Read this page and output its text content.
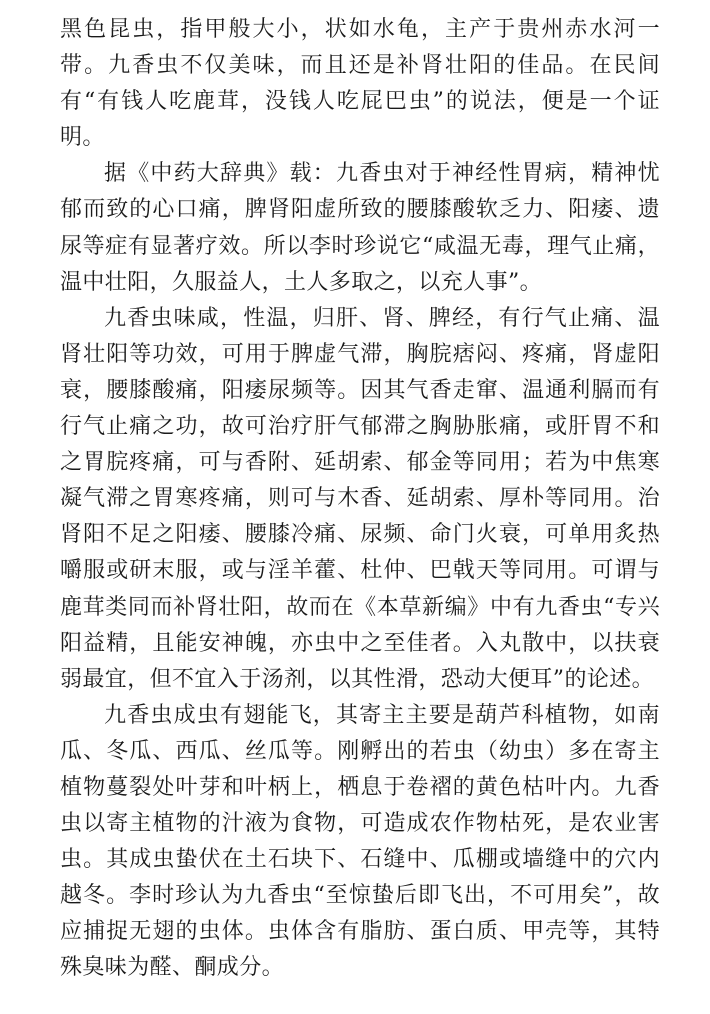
黑色昆虫，指甲般大小，状如水龟，主产于贵州赤水河一带。九香虫不仅美味，而且还是补肾壮阳的佳品。在民间有“有钱人吃鹿茸，没钱人吃屁巴虫”的说法，便是一个证明。

据《中药大辞典》载：九香虫对于神经性胃病，精神忧郁而致的心口痛，脾肾阳虚所致的腰膝酸软乏力、阳痿、遗尿等症有显著疗效。所以李时珍说它“咸温无毒，理气止痛，温中壮阳，久服益人，土人多取之，以充人事”。

九香虫味咸，性温，归肝、肾、脾经，有行气止痛、温肾壮阳等功效，可用于脾虚气滞，胸脘痞闷、疼痛，肾虚阳衰，腰膝酸痛，阳痿尿频等。因其气香走窜、温通利膈而有行气止痛之功，故可治疗肝气郁滞之胸胁胀痛，或肝胃不和之胃脘疼痛，可与香附、延胡索、郁金等同用；若为中焦寒凝气滞之胃寒疼痛，则可与木香、延胡索、厚朴等同用。治肾阳不足之阳痿、腰膝冷痛、尿频、命门火衰，可单用炙热嚼服或研末服，或与淫羊藿、杜仲、巴戟天等同用。可谓与鹿茸类同而补肾壮阳，故而在《本草新编》中有九香虫“专兴阳益精，且能安神魄，亦虫中之至佳者。入丸散中，以扶衰弱最宜，但不宜入于汤剂，以其性滑，恐动大便耳”的论述。

九香虫成虫有翅能飞，其寄主主要是葫芦科植物，如南瓜、冬瓜、西瓜、丝瓜等。刚孵出的若虫（幼虫）多在寄主植物蔓裂处叶芽和叶柄上，栖息于卷褶的黄色枯叶内。九香虫以寄主植物的汁液为食物，可造成农作物枯死，是农业害虫。其成虫蛰伏在土石块下、石缝中、瓜棚或墙缝中的穴内越冬。李时珍认为九香虫“至惊蛰后即飞出，不可用矣”，故应捕捉无翅的虫体。虫体含有脂肪、蛋白质、甲壳等，其特殊臭味为醛、酮成分。
